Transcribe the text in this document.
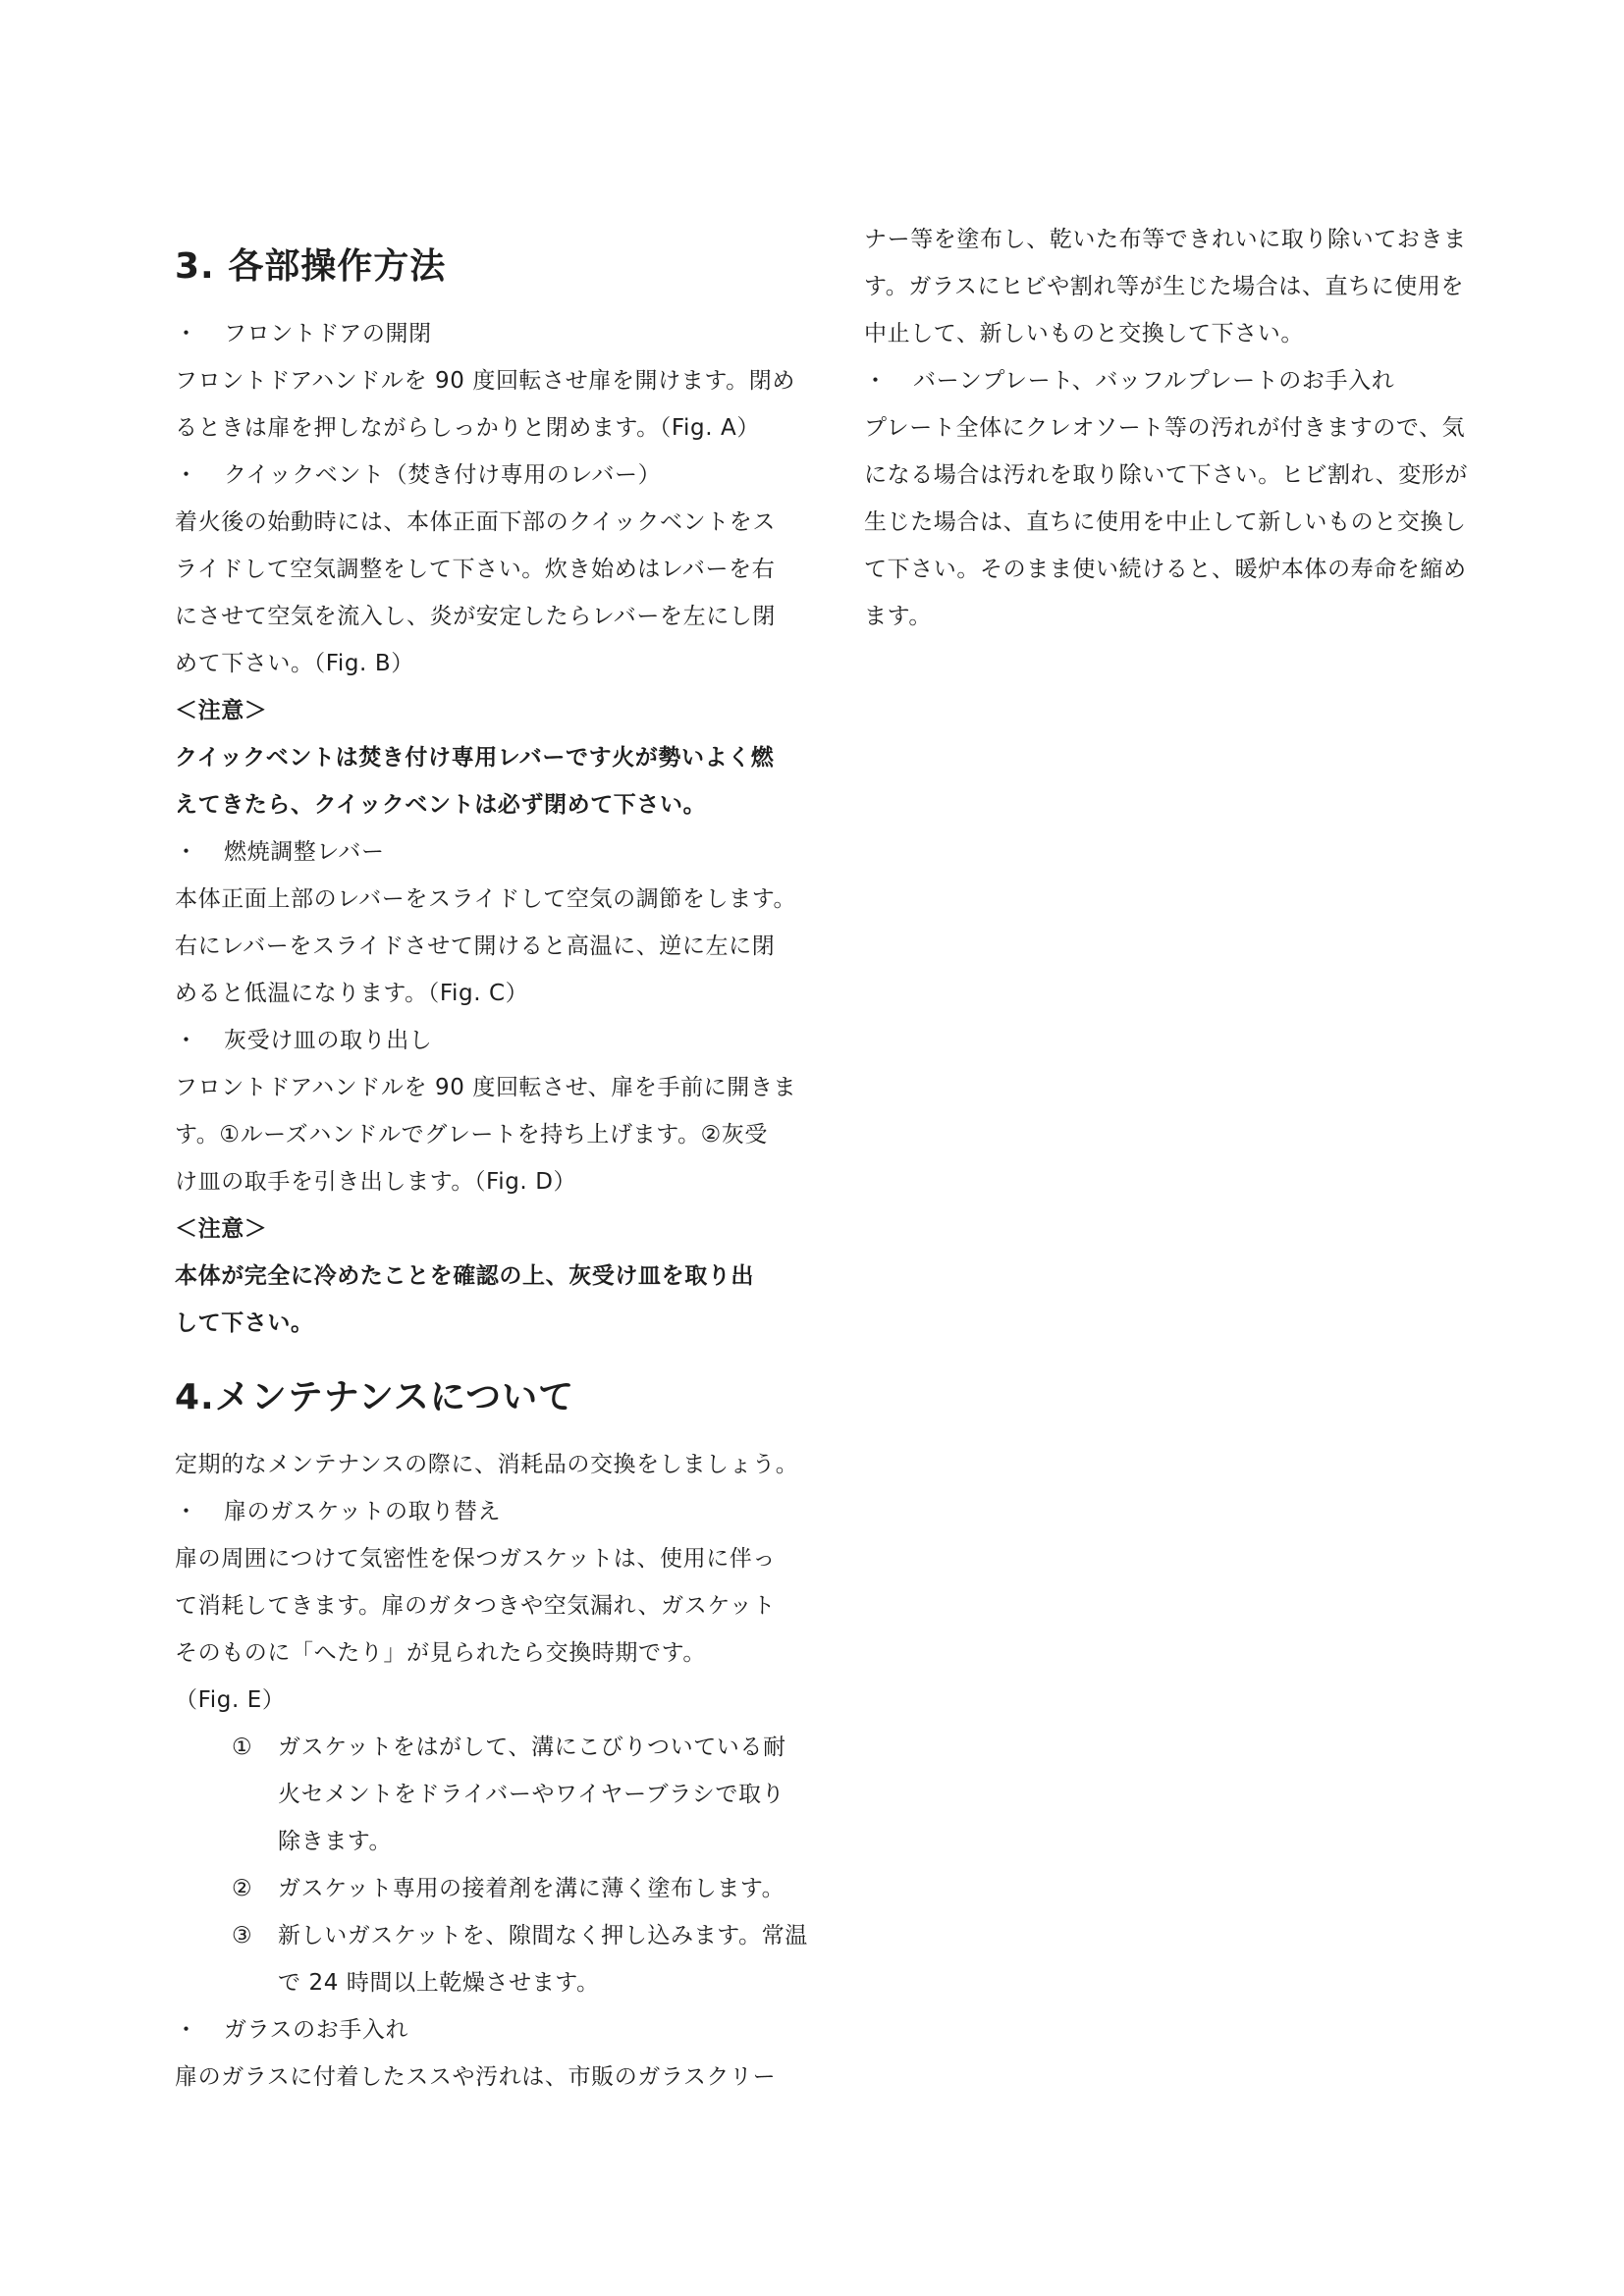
3. 各部操作方法
・ フロントドアの開閉
フロントドアハンドルを 90 度回転させ扉を開けます。閉め
るときは扉を押しながらしっかりと閉めます。（Fig. A）
・ クイックベント（焚き付け専用のレバー）
着火後の始動時には、本体正面下部のクイックベントをス
ライドして空気調整をして下さい。炊き始めはレバーを右
にさせて空気を流入し、炎が安定したらレバーを左にし閉
めて下さい。（Fig. B）
＜注意＞
クイックベントは焚き付け専用レバーです火が勢いよく燃
えてきたら、クイックベントは必ず閉めて下さい。
・ 燃焼調整レバー
本体正面上部のレバーをスライドして空気の調節をします。
右にレバーをスライドさせて開けると高温に、逆に左に閉
めると低温になります。（Fig. C）
・ 灰受け皿の取り出し
フロントドアハンドルを 90 度回転させ、扉を手前に開きま
す。①ルーズハンドルでグレートを持ち上げます。②灰受
け皿の取手を引き出します。（Fig. D）
＜注意＞
本体が完全に冷めたことを確認の上、灰受け皿を取り出
して下さい。
4.メンテナンスについて
定期的なメンテナンスの際に、消耗品の交換をしましょう。
・ 扉のガスケットの取り替え
扉の周囲につけて気密性を保つガスケットは、使用に伴っ
て消耗してきます。扉のガタつきや空気漏れ、ガスケット
そのものに「へたり」が見られたら交換時期です。
（Fig. E）
① ガスケットをはがして、溝にこびりついている耐
火セメントをドライバーやワイヤーブラシで取り
除きます。
② ガスケット専用の接着剤を溝に薄く塗布します。
③ 新しいガスケットを、隙間なく押し込みます。常温
で 24 時間以上乾燥させます。
・ ガラスのお手入れ
扉のガラスに付着したススや汚れは、市販のガラスクリー
ナー等を塗布し、乾いた布等できれいに取り除いておきま
す。ガラスにヒビや割れ等が生じた場合は、直ちに使用を
中止して、新しいものと交換して下さい。
・ バーンプレート、バッフルプレートのお手入れ
プレート全体にクレオソート等の汚れが付きますので、気
になる場合は汚れを取り除いて下さい。ヒビ割れ、変形が
生じた場合は、直ちに使用を中止して新しいものと交換し
て下さい。そのまま使い続けると、暖炉本体の寿命を縮め
ます。
